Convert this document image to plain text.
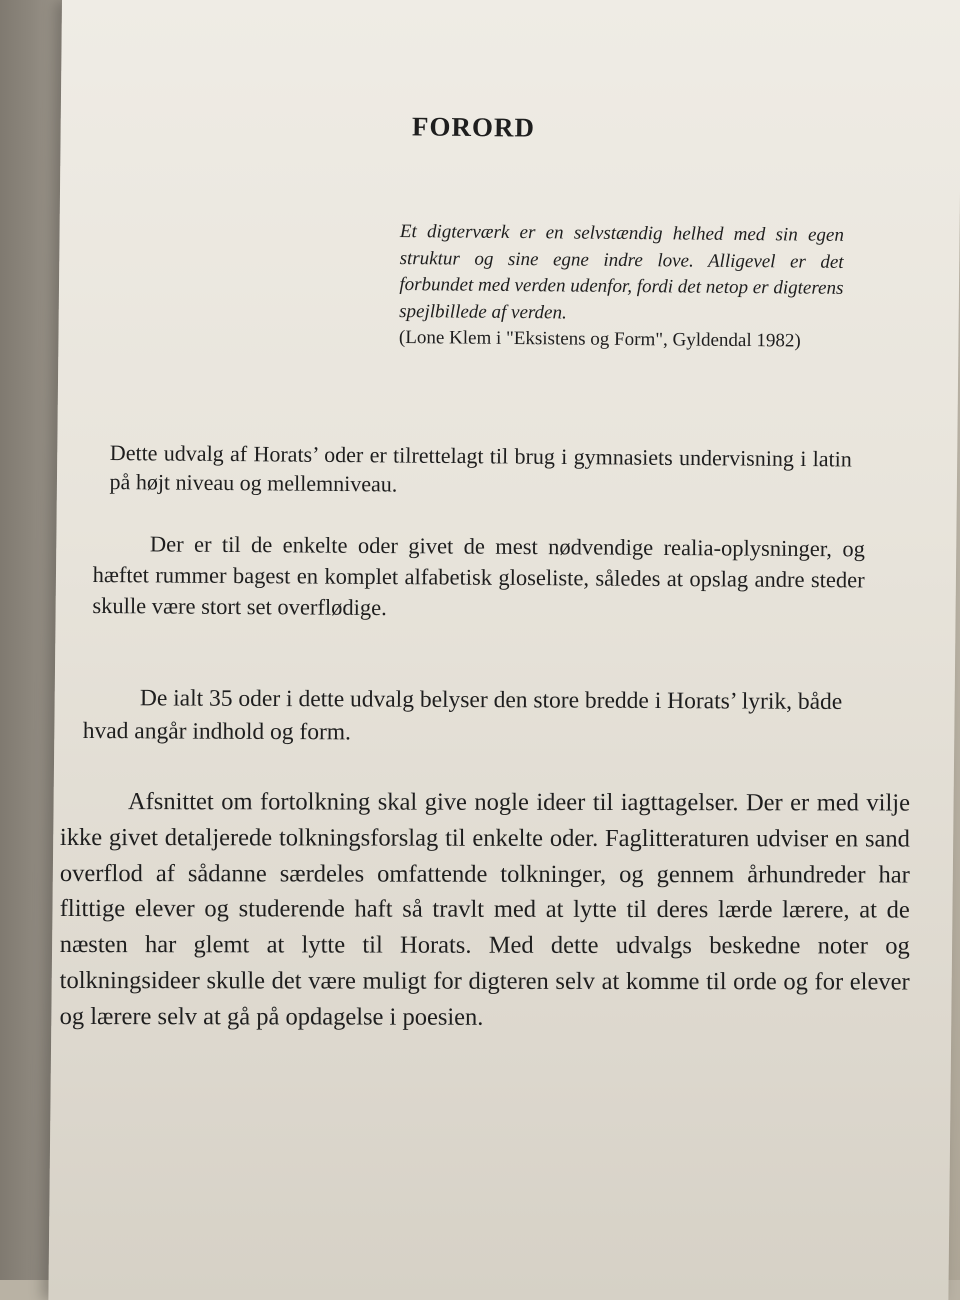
FORORD
Et digterværk er en selvstændig helhed med sin egen struktur og sine egne indre love. Alligevel er det forbundet med verden udenfor, fordi det netop er digterens spejlbillede af verden.
(Lone Klem i "Eksistens og Form", Gyldendal 1982)
Dette udvalg af Horats’ oder er tilrettelagt til brug i gymnasiets undervisning i latin på højt niveau og mellemniveau.
Der er til de enkelte oder givet de mest nødvendige realia-oplysninger, og hæftet rummer bagest en komplet alfabetisk gloseliste, således at opslag andre steder skulle være stort set overflødige.
De ialt 35 oder i dette udvalg belyser den store bredde i Horats’ lyrik, både hvad angår indhold og form.
Afsnittet om fortolkning skal give nogle ideer til iagttagelser. Der er med vilje ikke givet detaljerede tolkningsforslag til enkelte oder. Faglitteraturen udviser en sand overflod af sådanne særdeles omfattende tolkninger, og gennem århundreder har flittige elever og studerende haft så travlt med at lytte til deres lærde lærere, at de næsten har glemt at lytte til Horats. Med dette udvalgs beskedne noter og tolkningsideer skulle det være muligt for digteren selv at komme til orde og for elever og lærere selv at gå på opdagelse i poesien.
